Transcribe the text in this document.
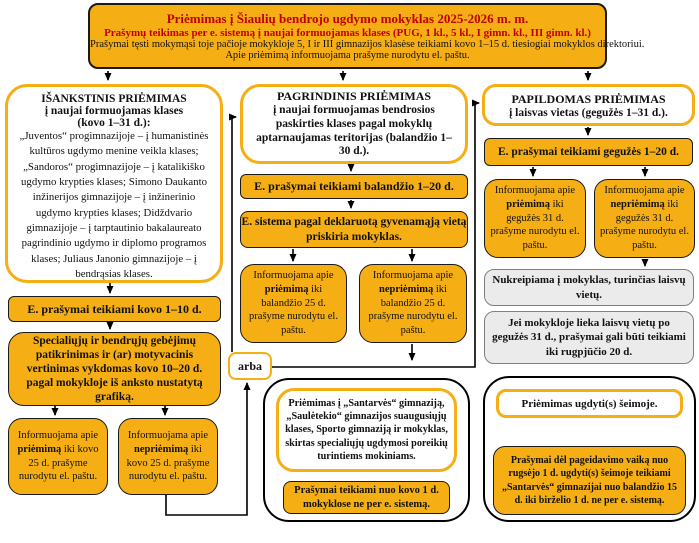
Priėmimas į Šiaulių bendrojo ugdymo mokyklas 2025-2026 m. m.
Prašymų teikimas per e. sistemą į naujai formuojamas klases (PUG, 1 kl., 5 kl., I gimn. kl., III gimn. kl.)
Prašymai tęsti mokymąsi toje pačioje mokykloje 5, I ir III gimnazijos klasėse teikiami kovo 1–15 d. tiesiogiai mokyklos direktoriui.
Apie priėmimą informuojama prašyme nurodytu el. paštu.
IŠANKSTINIS PRIĖMIMAS
į naujai formuojamas klases
(kovo 1–31 d.):
„Juventos“ progimnazijoje – į humanistinės kultūros ugdymo menine veikla klases; „Sandoros“ progimnazijoje – į katalikiško ugdymo krypties klases; Simono Daukanto inžinerijos gimnazijoje – į inžinerinio ugdymo krypties klases; Didždvario gimnazijoje – į tarptautinio bakalaureato pagrindinio ugdymo ir diplomo programos klases; Juliaus Janonio gimnazijoje – į bendrąsias klases.
E. prašymai teikiami kovo 1–10 d.
Specialiųjų ir bendrųjų gebėjimų patikrinimas ir (ar) motyvacinis vertinimas vykdomas kovo 10–20 d. pagal mokykloje iš anksto nustatytą grafiką.
Informuojama apie priėmimą iki kovo 25 d. prašyme nurodytu el. paštu.
Informuojama apie nepriėmimą iki kovo 25 d. prašyme nurodytu el. paštu.
PAGRINDINIS PRIĖMIMAS
į naujai formuojamas bendrosios paskirties klases pagal mokyklų aptarnaujamas teritorijas (balandžio 1–30 d.).
E. prašymai teikiami balandžio 1–20 d.
E. sistema pagal deklaruotą gyvenamąją vietą priskiria mokyklas.
Informuojama apie priėmimą iki balandžio 25 d. prašyme nurodytu el. paštu.
Informuojama apie nepriėmimą iki balandžio 25 d. prašyme nurodytu el. paštu.
arba
Priėmimas į „Santarvės“ gimnaziją, „Saulėtekio“ gimnazijos suaugusiųjų klases, Sporto gimnaziją ir mokyklas, skirtas specialiųjų ugdymosi poreikių turintiems mokiniams.
Prašymai teikiami nuo kovo 1 d. mokyklose ne per e. sistemą.
PAPILDOMAS PRIĖMIMAS
į laisvas vietas (gegužės 1–31 d.).
E. prašymai teikiami gegužės 1–20 d.
Informuojama apie priėmimą iki gegužės 31 d. prašyme nurodytu el. paštu.
Informuojama apie nepriėmimą iki gegužės 31 d. prašyme nurodytu el. paštu.
Nukreipiama į mokyklas, turinčias laisvų vietų.
Jei mokykloje lieka laisvų vietų po gegužės 31 d., prašymai gali būti teikiami iki rugpjūčio 20 d.
Priėmimas ugdyti(s) šeimoje.
Prašymai dėl pageidavimo vaiką nuo rugsėjo 1 d. ugdyti(s) šeimoje teikiami „Santarvės“ gimnazijai nuo balandžio 15 d. iki birželio 1 d. ne per e. sistemą.
